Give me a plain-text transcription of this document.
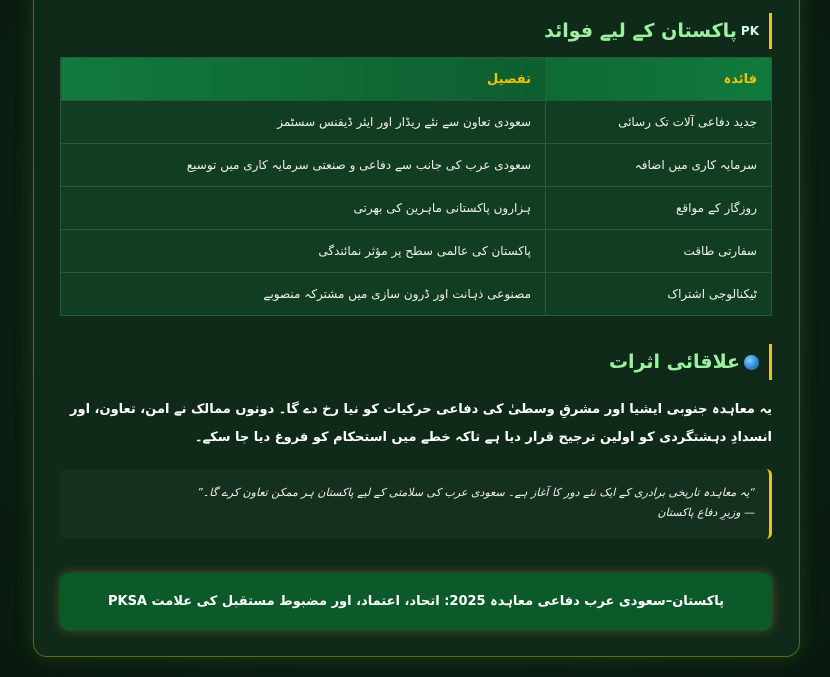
PK
پاکستان کے لیے فوائد
فائدہ	تفصیل
جدید دفاعی آلات تک رسائی	سعودی تعاون سے نئے ریڈار اور ایئر ڈیفنس سسٹمز
سرمایہ کاری میں اضافہ	سعودی عرب کی جانب سے دفاعی و صنعتی سرمایہ کاری میں توسیع
روزگار کے مواقع	ہزاروں پاکستانی ماہرین کی بھرتی
سفارتی طاقت	پاکستان کی عالمی سطح پر مؤثر نمائندگی
ٹیکنالوجی اشتراک	مصنوعی ذہانت اور ڈرون سازی میں مشترکہ منصوبے
علاقائی اثرات

یہ معاہدہ جنوبی ایشیا اور مشرقِ وسطیٰ کی دفاعی حرکیات کو نیا رخ دے گا۔ دونوں ممالک نے امن، تعاون، اور انسدادِ دہشتگردی کو اولین ترجیح قرار دیا ہے تاکہ خطے میں استحکام کو فروغ دیا جا سکے۔

“یہ معاہدہ تاریخی برادری کے ایک نئے دور کا آغاز ہے۔ سعودی عرب کی سلامتی کے لیے پاکستان ہر ممکن تعاون کرے گا۔”
— وزیرِ دفاع پاکستان
پاکستان–سعودی عرب دفاعی معاہدہ 2025: اتحاد، اعتماد، اور مضبوط مستقبل کی علامت PKSA
